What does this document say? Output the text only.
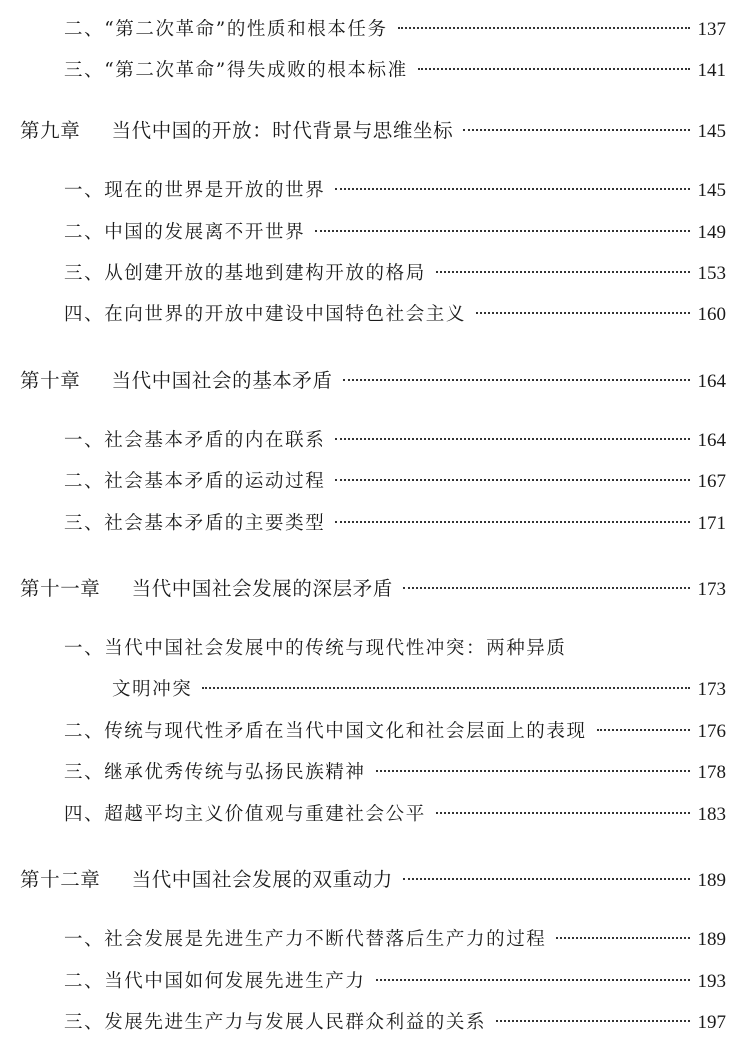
二、“第二次革命”的性质和根本任务	137
三、“第二次革命”得失成败的根本标准	141
第九章 当代中国的开放：时代背景与思维坐标	145
一、现在的世界是开放的世界	145
二、中国的发展离不开世界	149
三、从创建开放的基地到建构开放的格局	153
四、在向世界的开放中建设中国特色社会主义	160
第十章 当代中国社会的基本矛盾	164
一、社会基本矛盾的内在联系	164
二、社会基本矛盾的运动过程	167
三、社会基本矛盾的主要类型	171
第十一章 当代中国社会发展的深层矛盾	173
一、当代中国社会发展中的传统与现代性冲突：两种异质
文明冲突	173
二、传统与现代性矛盾在当代中国文化和社会层面上的表现	176
三、继承优秀传统与弘扬民族精神	178
四、超越平均主义价值观与重建社会公平	183
第十二章 当代中国社会发展的双重动力	189
一、社会发展是先进生产力不断代替落后生产力的过程	189
二、当代中国如何发展先进生产力	193
三、发展先进生产力与发展人民群众利益的关系	197
